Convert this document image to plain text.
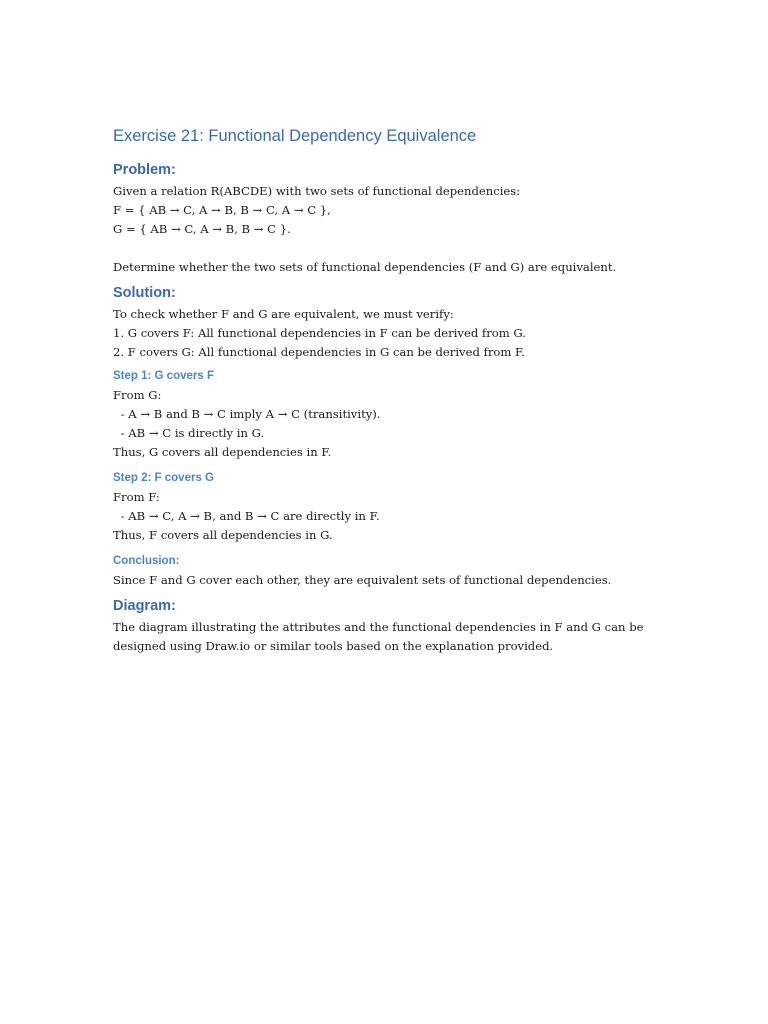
Exercise 21: Functional Dependency Equivalence
Problem:

Given a relation R(ABCDE) with two sets of functional dependencies:

F = { AB → C, A → B, B → C, A → C },

G = { AB → C, A → B, B → C }.

Determine whether the two sets of functional dependencies (F and G) are equivalent.

Solution:

To check whether F and G are equivalent, we must verify:

1. G covers F: All functional dependencies in F can be derived from G.

2. F covers G: All functional dependencies in G can be derived from F.

Step 1: G covers F

From G:

- A → B and B → C imply A → C (transitivity).

- AB → C is directly in G.

Thus, G covers all dependencies in F.

Step 2: F covers G

From F:

- AB → C, A → B, and B → C are directly in F.

Thus, F covers all dependencies in G.

Conclusion:

Since F and G cover each other, they are equivalent sets of functional dependencies.

Diagram:

The diagram illustrating the attributes and the functional dependencies in F and G can be designed using Draw.io or similar tools based on the explanation provided.
